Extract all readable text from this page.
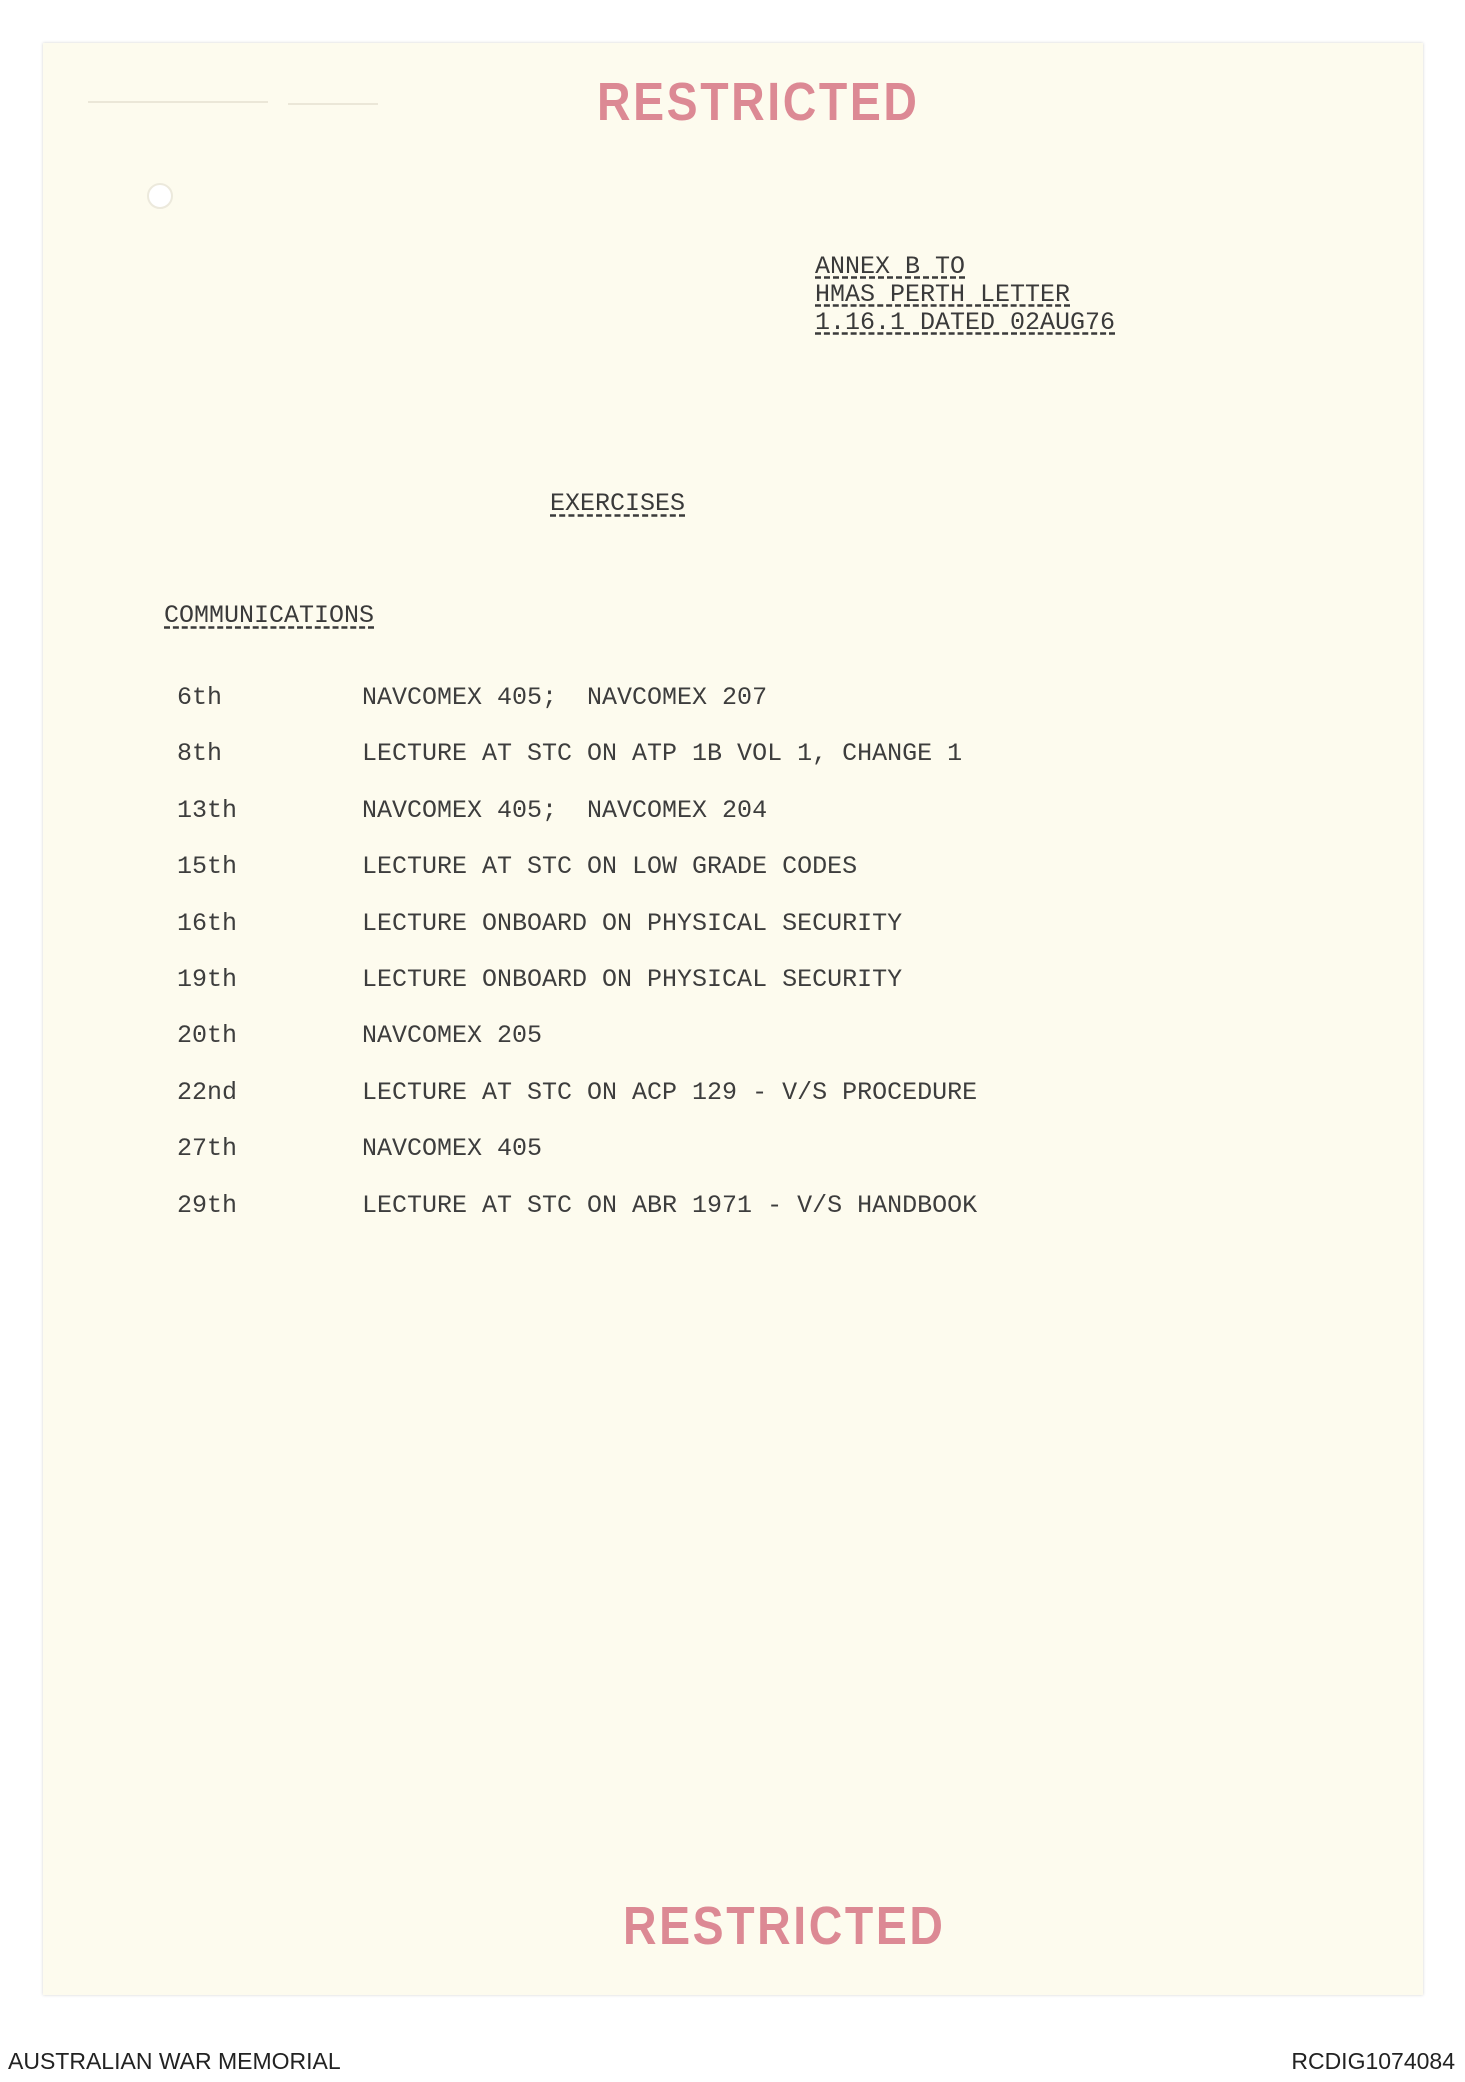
RESTRICTED
ANNEX B TO
HMAS PERTH LETTER
1.16.1 DATED 02AUG76
EXERCISES
COMMUNICATIONS
6th	NAVCOMEX 405;  NAVCOMEX 207
8th	LECTURE AT STC ON ATP 1B VOL 1, CHANGE 1
13th	NAVCOMEX 405;  NAVCOMEX 204
15th	LECTURE AT STC ON LOW GRADE CODES
16th	LECTURE ONBOARD ON PHYSICAL SECURITY
19th	LECTURE ONBOARD ON PHYSICAL SECURITY
20th	NAVCOMEX 205
22nd	LECTURE AT STC ON ACP 129 - V/S PROCEDURE
27th	NAVCOMEX 405
29th	LECTURE AT STC ON ABR 1971 - V/S HANDBOOK
RESTRICTED
AUSTRALIAN WAR MEMORIAL	RCDIG1074084
